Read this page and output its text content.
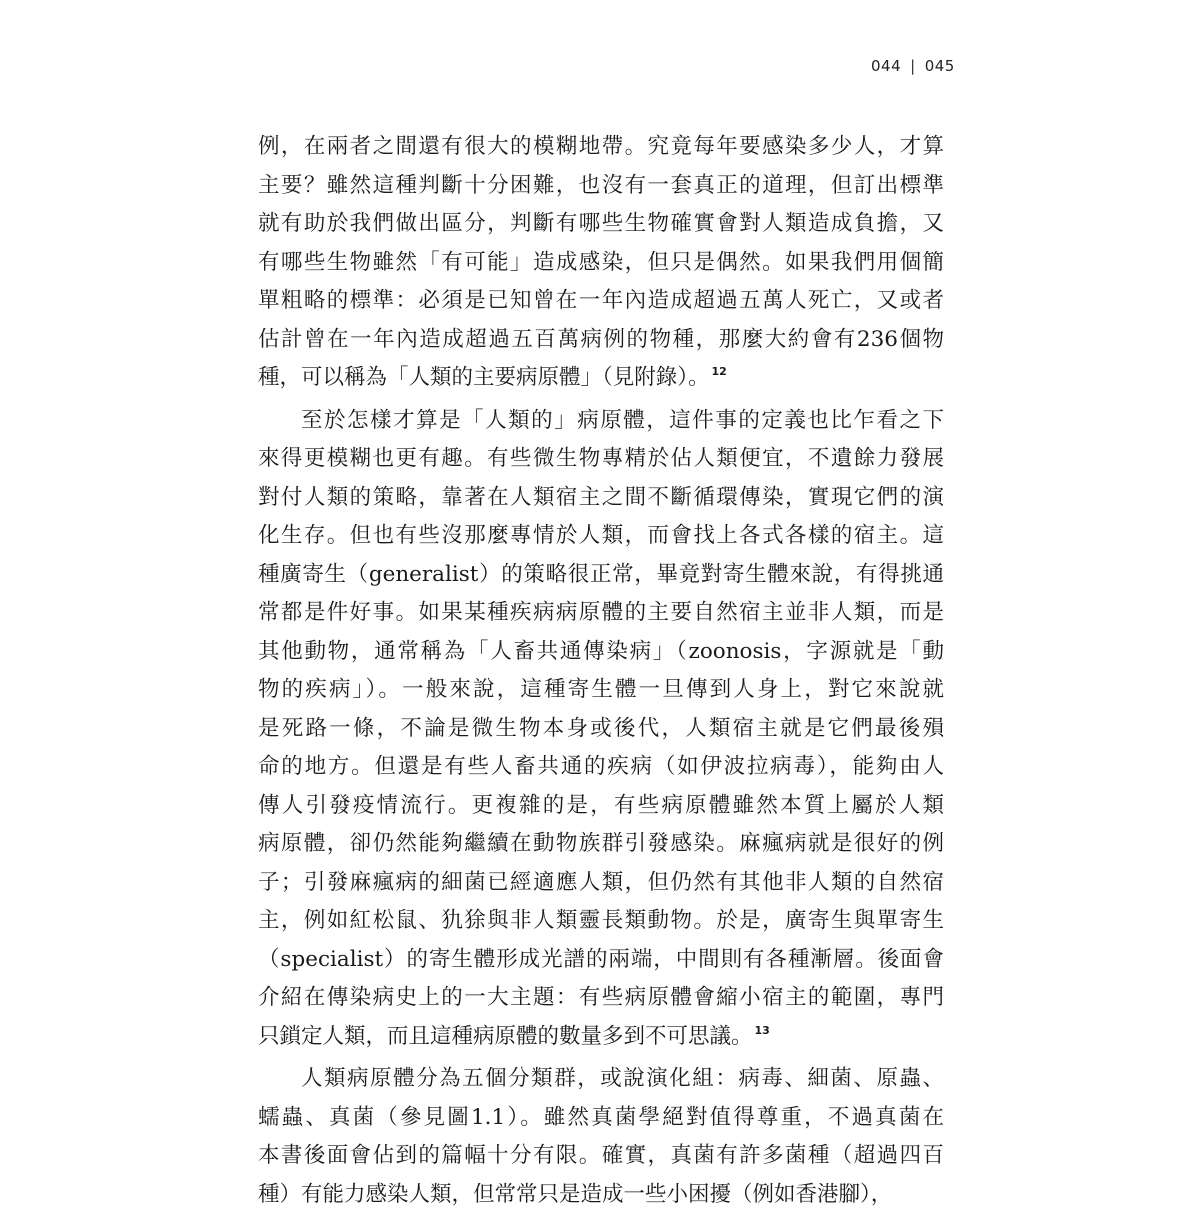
044 | 045
例，在兩者之間還有很大的模糊地帶。究竟每年要感染多少人，才算
主要？雖然這種判斷十分困難，也沒有一套真正的道理，但訂出標準
就有助於我們做出區分，判斷有哪些生物確實會對人類造成負擔，又
有哪些生物雖然「有可能」造成感染，但只是偶然。如果我們用個簡
單粗略的標準：必須是已知曾在一年內造成超過五萬人死亡，又或者
估計曾在一年內造成超過五百萬病例的物種，那麼大約會有236個物
種，可以稱為「人類的主要病原體」（見附錄）。 $^{12}$
至於怎樣才算是「人類的」病原體，這件事的定義也比乍看之下
來得更模糊也更有趣。有些微生物專精於佔人類便宜，不遺餘力發展
對付人類的策略，靠著在人類宿主之間不斷循環傳染，實現它們的演
化生存。但也有些沒那麼專情於人類，而會找上各式各樣的宿主。這
種廣寄生（generalist）的策略很正常，畢竟對寄生體來說，有得挑通
常都是件好事。如果某種疾病病原體的主要自然宿主並非人類，而是
其他動物，通常稱為「人畜共通傳染病」（zoonosis，字源就是「動
物的疾病」）。一般來說，這種寄生體一旦傳到人身上，對它來說就
是死路一條，不論是微生物本身或後代，人類宿主就是它們最後殞
命的地方。但還是有些人畜共通的疾病（如伊波拉病毒），能夠由人
傳人引發疫情流行。更複雜的是，有些病原體雖然本質上屬於人類
病原體，卻仍然能夠繼續在動物族群引發感染。麻瘋病就是很好的例
子；引發麻瘋病的細菌已經適應人類，但仍然有其他非人類的自然宿
主，例如紅松鼠、犰狳與非人類靈長類動物。於是，廣寄生與單寄生
（specialist）的寄生體形成光譜的兩端，中間則有各種漸層。後面會
介紹在傳染病史上的一大主題：有些病原體會縮小宿主的範圍，專門
只鎖定人類，而且這種病原體的數量多到不可思議。 $^{13}$
人類病原體分為五個分類群，或說演化組：病毒、細菌、原蟲、
蠕蟲、真菌（參見圖1.1）。雖然真菌學絕對值得尊重，不過真菌在
本書後面會佔到的篇幅十分有限。確實，真菌有許多菌種（超過四百
種）有能力感染人類，但常常只是造成一些小困擾（例如香港腳），
